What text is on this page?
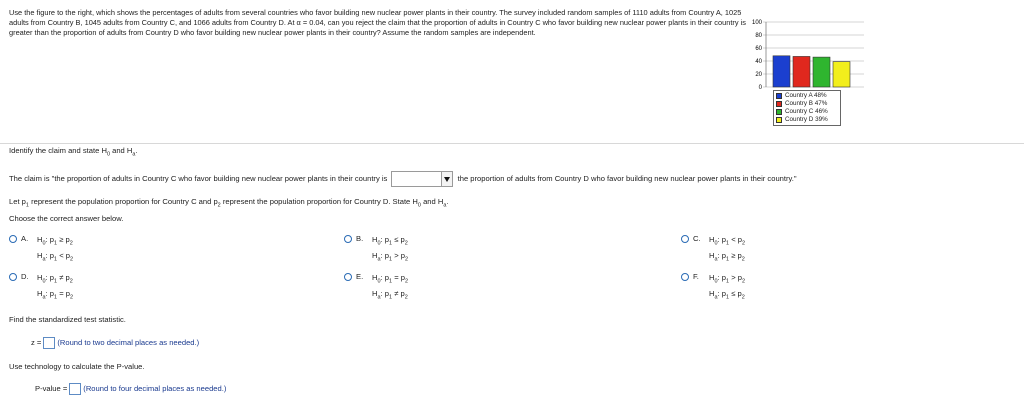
Use the figure to the right, which shows the percentages of adults from several countries who favor building new nuclear power plants in their country. The survey included random samples of 1110 adults from Country A, 1025 adults from Country B, 1045 adults from Country C, and 1066 adults from Country D. At α = 0.04, can you reject the claim that the proportion of adults in Country C who favor building new nuclear power plants in their country is greater than the proportion of adults from Country D who favor building new nuclear power plants in their country? Assume the random samples are independent.
100
80
60
40
20
0
Country A 48%
Country B 47%
Country C 46%
Country D 39%
Identify the claim and state $H_0$ and $H_a$.
The claim is "the proportion of adults in Country C who favor building new nuclear power plants in their country is	the proportion of adults from Country D who favor building new nuclear power plants in their country."
Let $p_1$ represent the population proportion for Country C and $p_2$ represent the population proportion for Country D. State $H_0$ and $H_a$.
Choose the correct answer below.
A.	$H_0$: $p_1 \ge p_2$
$H_a$: $p_1 < p_2$
B.	$H_0$: $p_1 \le p_2$
$H_a$: $p_1 > p_2$
C.	$H_0$: $p_1 < p_2$
$H_a$: $p_1 \ge p_2$
D.	$H_0$: $p_1 \ne p_2$
$H_a$: $p_1 = p_2$
E.	$H_0$: $p_1 = p_2$
$H_a$: $p_1 \ne p_2$
F.	$H_0$: $p_1 > p_2$
$H_a$: $p_1 \le p_2$
Find the standardized test statistic.
z = (Round to two decimal places as needed.)
Use technology to calculate the P-value.
P-value = (Round to four decimal places as needed.)
